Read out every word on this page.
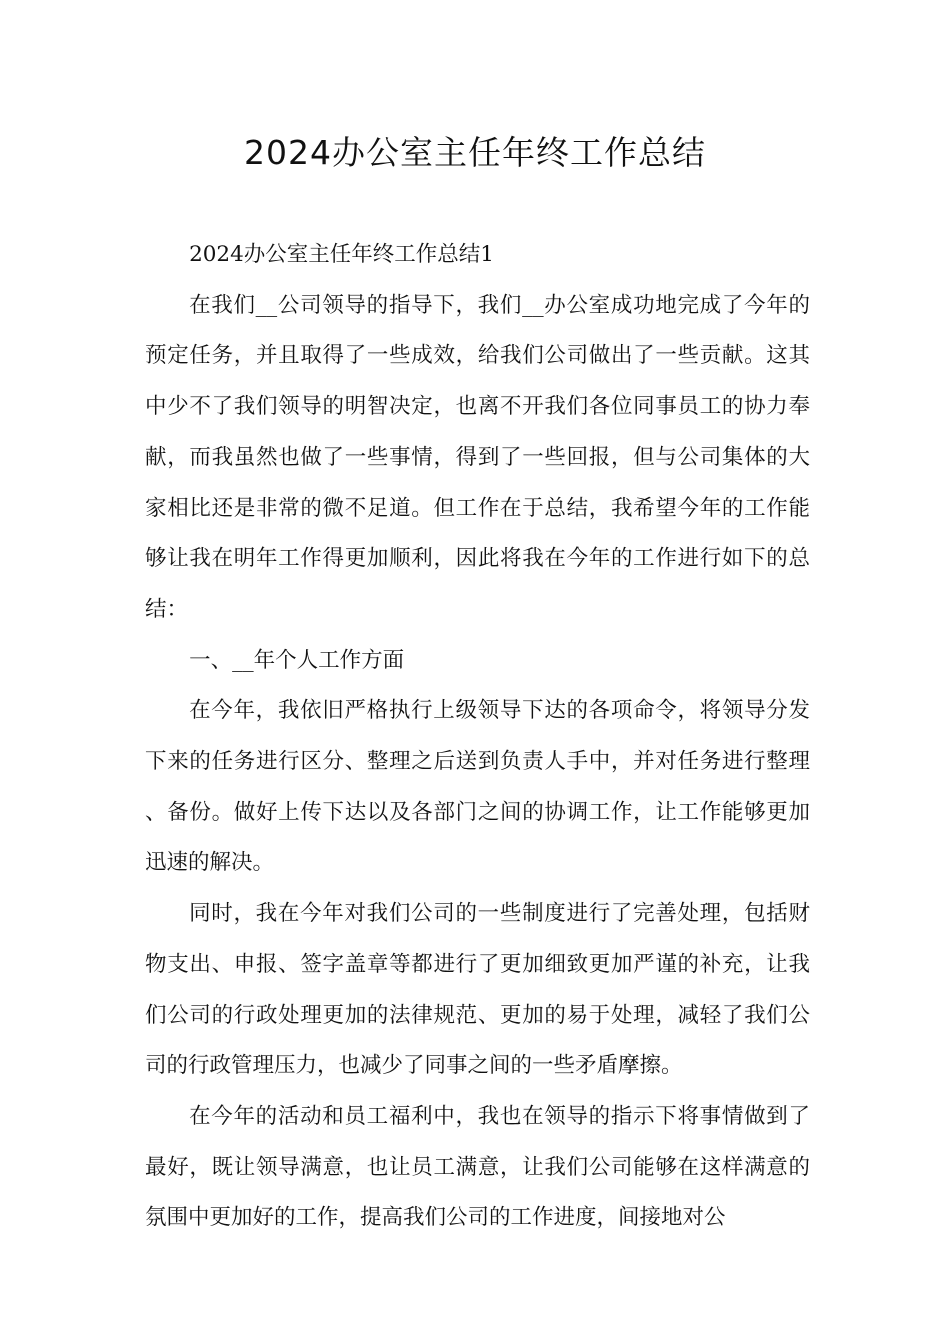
2024办公室主任年终工作总结

2024办公室主任年终工作总结1

在我们__公司领导的指导下，我们__办公室成功地完成了今年的预定任务，并且取得了一些成效，给我们公司做出了一些贡献。这其中少不了我们领导的明智决定，也离不开我们各位同事员工的协力奉献，而我虽然也做了一些事情，得到了一些回报，但与公司集体的大家相比还是非常的微不足道。但工作在于总结，我希望今年的工作能够让我在明年工作得更加顺利，因此将我在今年的工作进行如下的总结：

一、__年个人工作方面

在今年，我依旧严格执行上级领导下达的各项命令，将领导分发下来的任务进行区分、整理之后送到负责人手中，并对任务进行整理、备份。做好上传下达以及各部门之间的协调工作，让工作能够更加迅速的解决。

同时，我在今年对我们公司的一些制度进行了完善处理，包括财物支出、申报、签字盖章等都进行了更加细致更加严谨的补充，让我们公司的行政处理更加的法律规范、更加的易于处理，减轻了我们公司的行政管理压力，也减少了同事之间的一些矛盾摩擦。

在今年的活动和员工福利中，我也在领导的指示下将事情做到了最好，既让领导满意，也让员工满意，让我们公司能够在这样满意的氛围中更加好的工作，提高我们公司的工作进度，间接地对公
